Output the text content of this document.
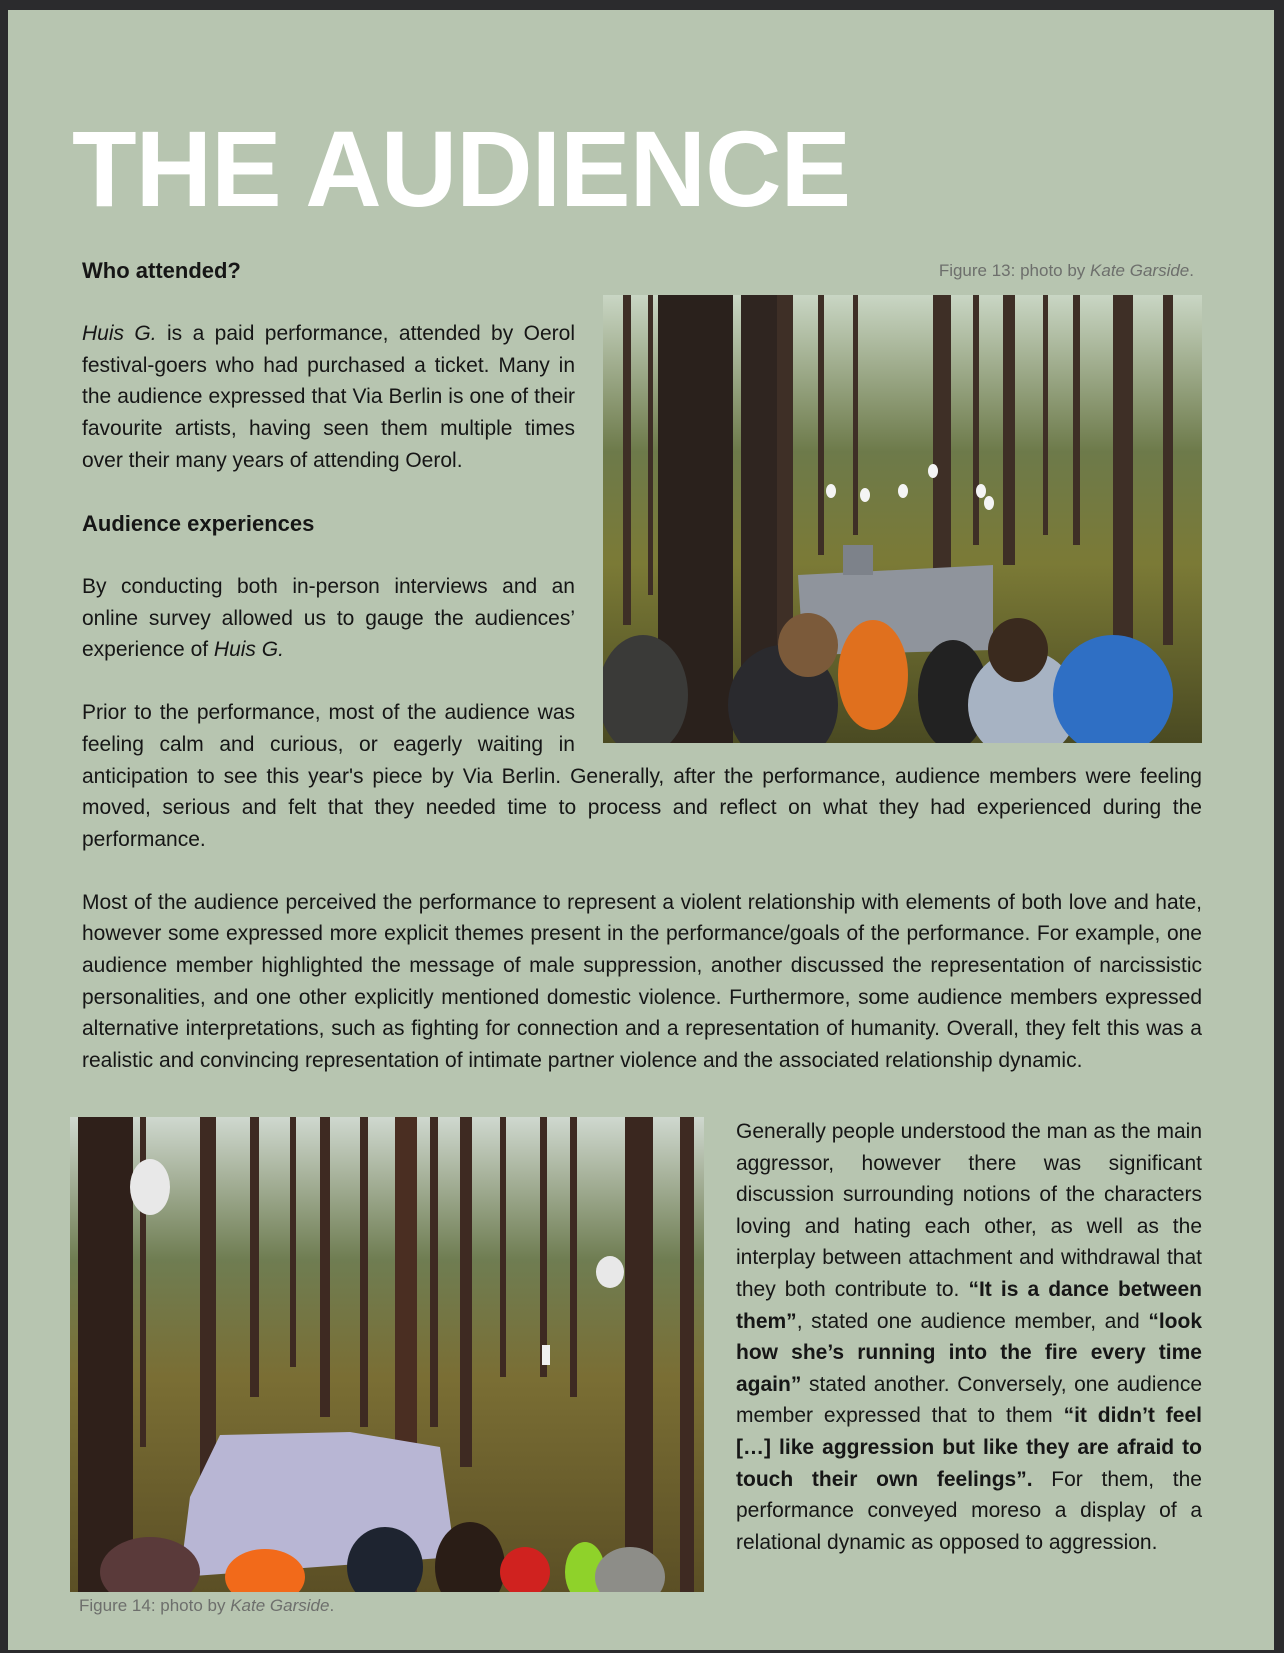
THE AUDIENCE
Figure 13: photo by Kate Garside.

Who attended?

Huis G. is a paid performance, attended by Oerol festival-goers who had purchased a ticket. Many in the audience expressed that Via Berlin is one of their favourite artists, having seen them multiple times over their many years of attending Oerol.

Audience experiences

By conducting both in-person interviews and an online survey allowed us to gauge the audiences’ experience of Huis G.

Prior to the performance, most of the audience was feeling calm and curious, or eagerly waiting in anticipation to see this year's piece by Via Berlin. Generally, after the performance, audience members were feeling moved, serious and felt that they needed time to process and reflect on what they had experienced during the performance.

Most of the audience perceived the performance to represent a violent relationship with elements of both love and hate, however some expressed more explicit themes present in the performance/goals of the performance. For example, one audience member highlighted the message of male suppression, another discussed the representation of narcissistic personalities, and one other explicitly mentioned domestic violence. Furthermore, some audience members expressed alternative interpretations, such as fighting for connection and a representation of humanity. Overall, they felt this was a realistic and convincing representation of intimate partner violence and the associated relationship dynamic.

Figure 14: photo by Kate Garside.

Generally people understood the man as the main aggressor, however there was significant discussion surrounding notions of the characters loving and hating each other, as well as the interplay between attachment and withdrawal that they both contribute to. “It is a dance between them”, stated one audience member, and “look how she’s running into the fire every time again” stated another. Conversely, one audience member expressed that to them “it didn’t feel […] like aggression but like they are afraid to touch their own feelings”. For them, the performance conveyed moreso a display of a relational dynamic as opposed to aggression.
